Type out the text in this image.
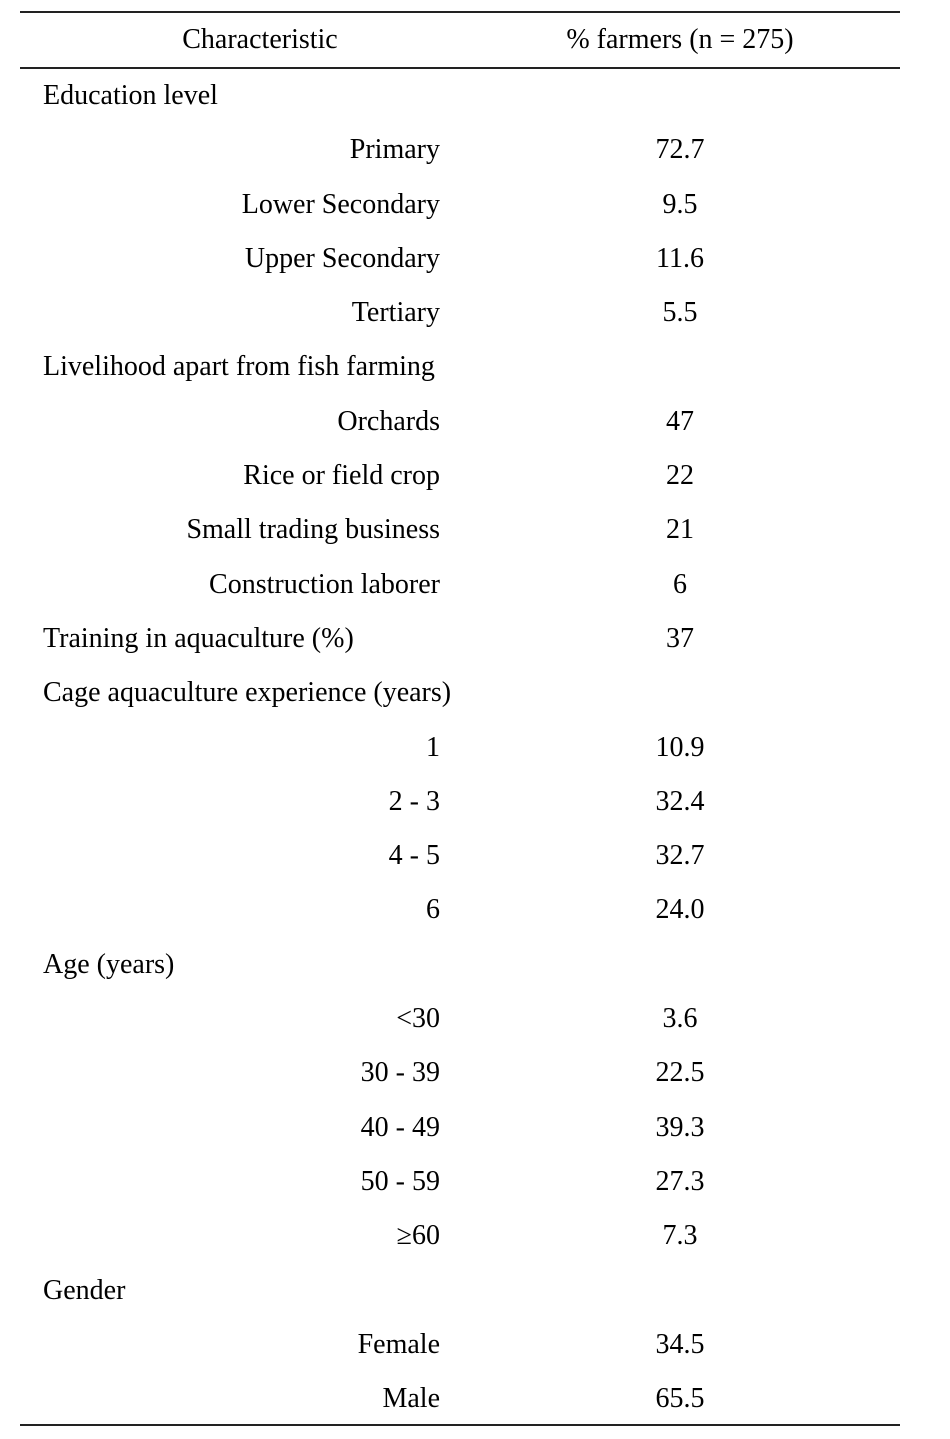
Characteristic	% farmers (n = 275)
Education level
Primary	72.7
Lower Secondary	9.5
Upper Secondary	11.6
Tertiary	5.5
Livelihood apart from fish farming
Orchards	47
Rice or field crop	22
Small trading business	21
Construction laborer	6
Training in aquaculture (%)	37
Cage aquaculture experience (years)
1	10.9
2 - 3	32.4
4 - 5	32.7
6	24.0
Age (years)
<30	3.6
30 - 39	22.5
40 - 49	39.3
50 - 59	27.3
≥60	7.3
Gender
Female	34.5
Male	65.5
